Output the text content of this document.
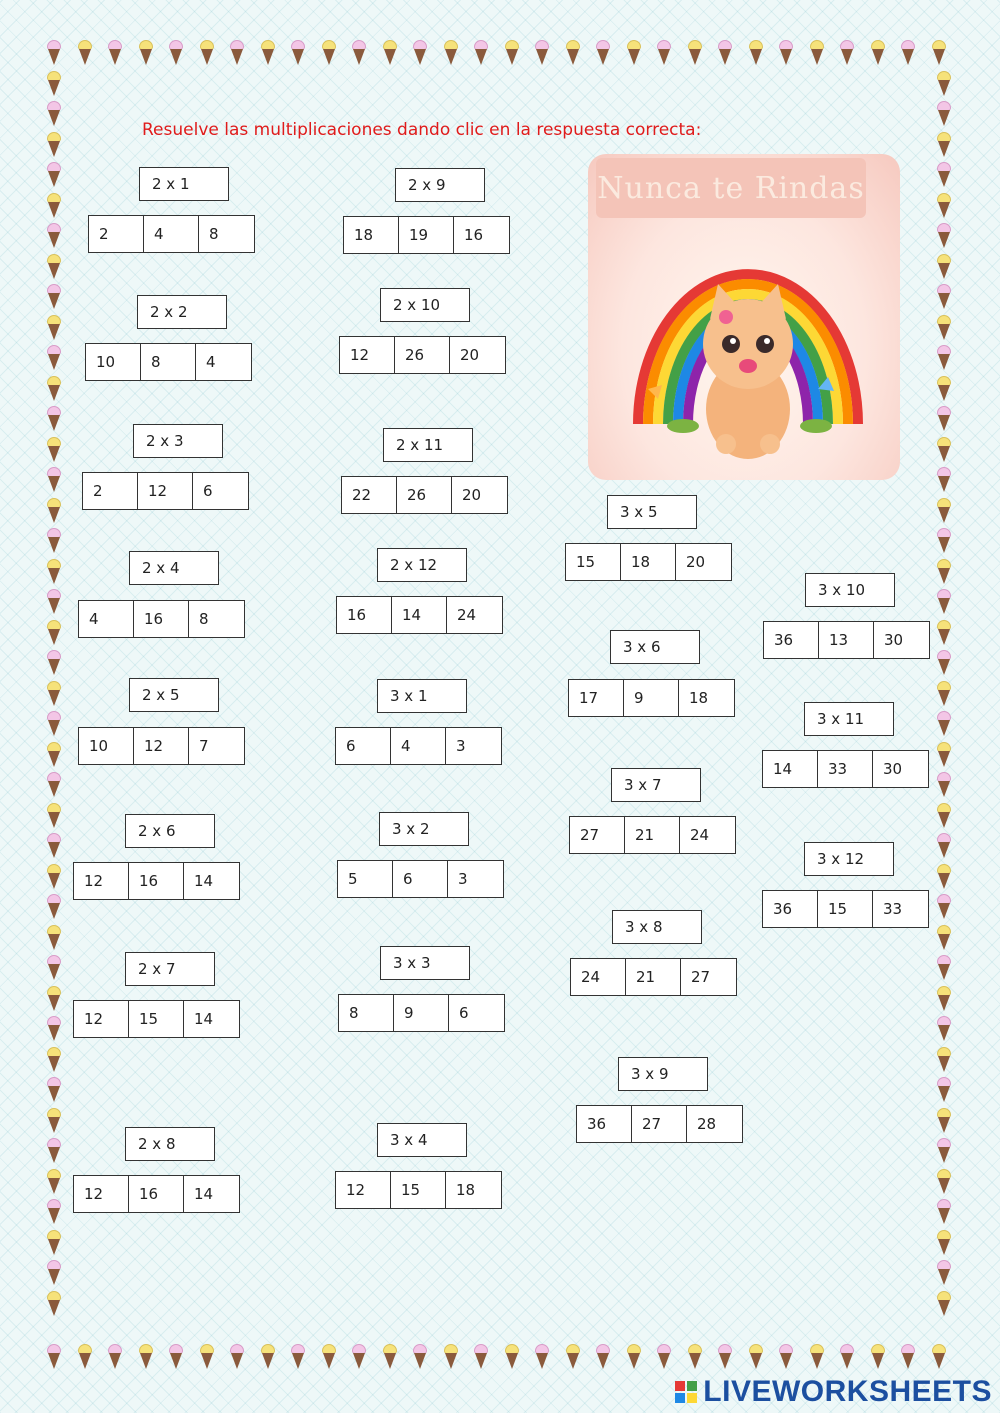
Resuelve las multiplicaciones dando clic en la respuesta correcta:
Nunca te Rindas
LIVEWORKSHEETS
2 x 1
2	4	8
2 x 2
10	8	4
2 x 3
2	12	6
2 x 4
4	16	8
2 x 5
10	12	7
2 x 6
12	16	14
2 x 7
12	15	14
2 x 8
12	16	14
2 x 9
18	19	16
2 x 10
12	26	20
2 x 11
22	26	20
2 x 12
16	14	24
3 x 1
6	4	3
3 x 2
5	6	3
3 x 3
8	9	6
3 x 4
12	15	18
3 x 5
15	18	20
3 x 6
17	9	18
3 x 7
27	21	24
3 x 8
24	21	27
3 x 9
36	27	28
3 x 10
36	13	30
3 x 11
14	33	30
3 x 12
36	15	33
